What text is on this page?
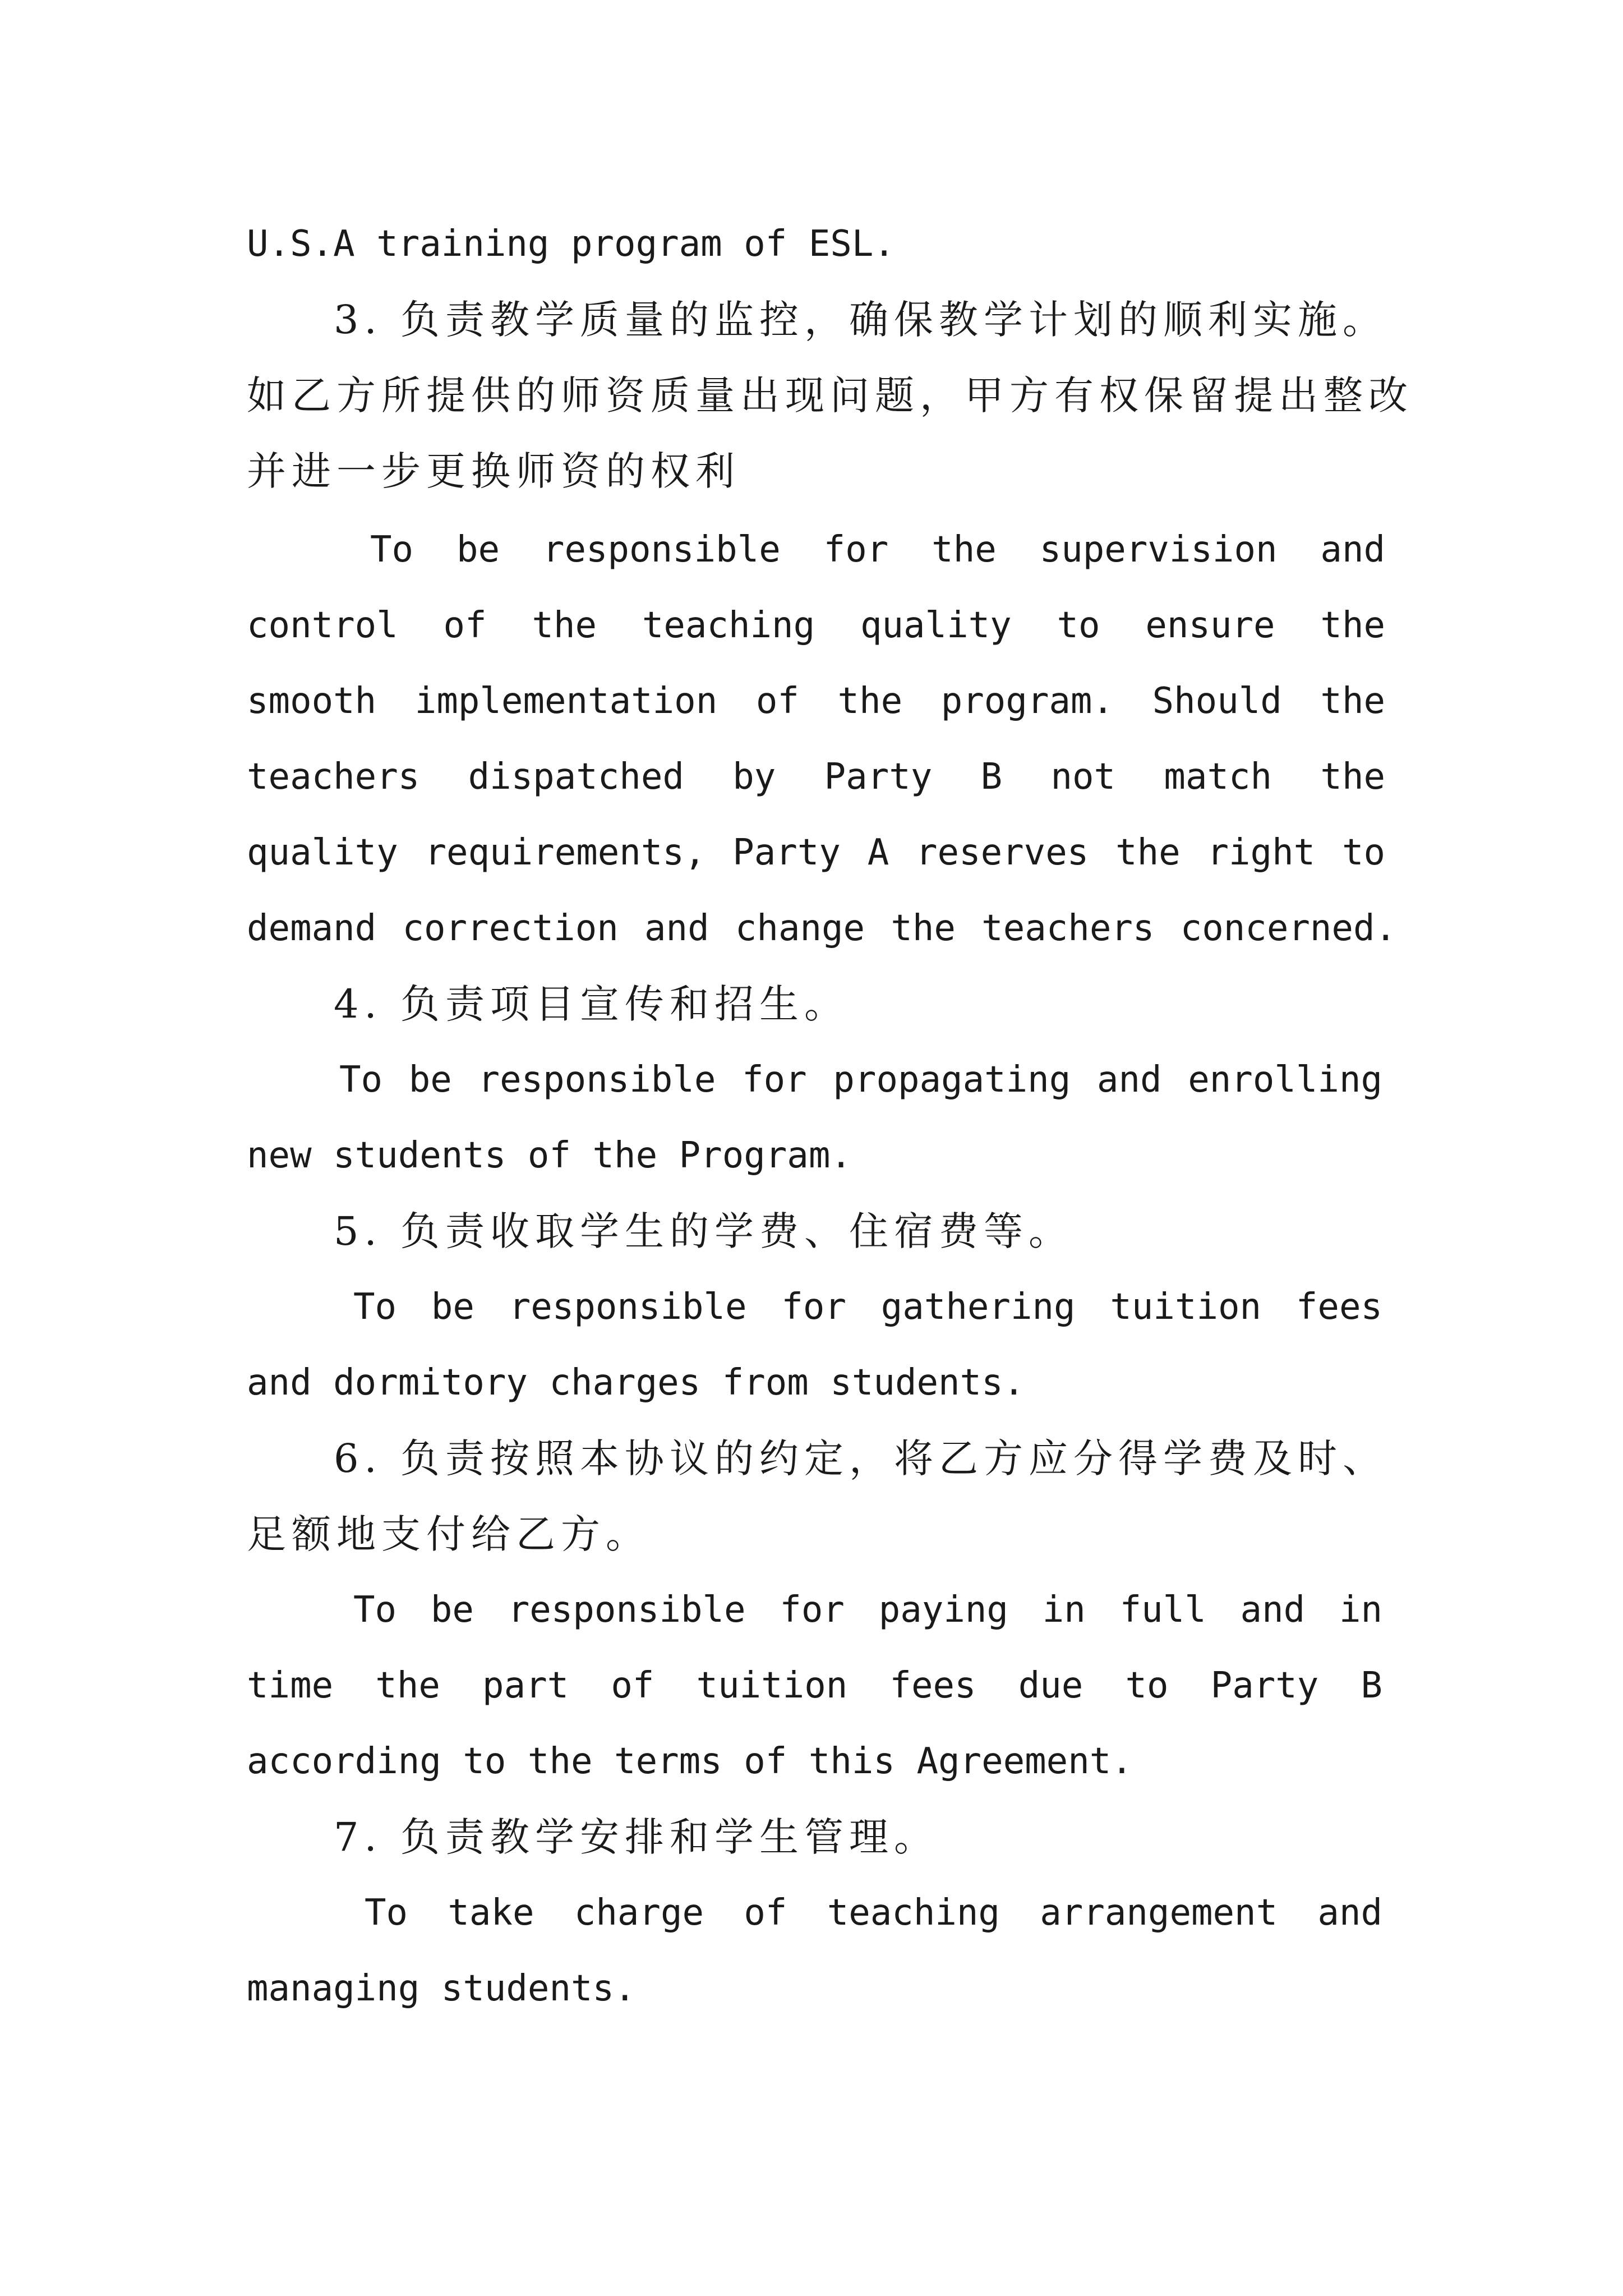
U.S.A training program of ESL.
3. 负责教学质量的监控，确保教学计划的顺利实施。
如乙方所提供的师资质量出现问题，甲方有权保留提出整改
并进一步更换师资的权利
To be responsible for the supervision and
control of the teaching quality to ensure the
smooth implementation of the program. Should the
teachers dispatched by Party B not match the
quality requirements, Party A reserves the right to
demand correction and change the teachers concerned.
4. 负责项目宣传和招生。
To be responsible for propagating and enrolling
new students of the Program.
5. 负责收取学生的学费、住宿费等。
To be responsible for gathering tuition fees
and dormitory charges from students.
6. 负责按照本协议的约定，将乙方应分得学费及时、
足额地支付给乙方。
To be responsible for paying in full and in
time the part of tuition fees due to Party B
according to the terms of this Agreement.
7. 负责教学安排和学生管理。
To take charge of teaching arrangement and
managing students.
